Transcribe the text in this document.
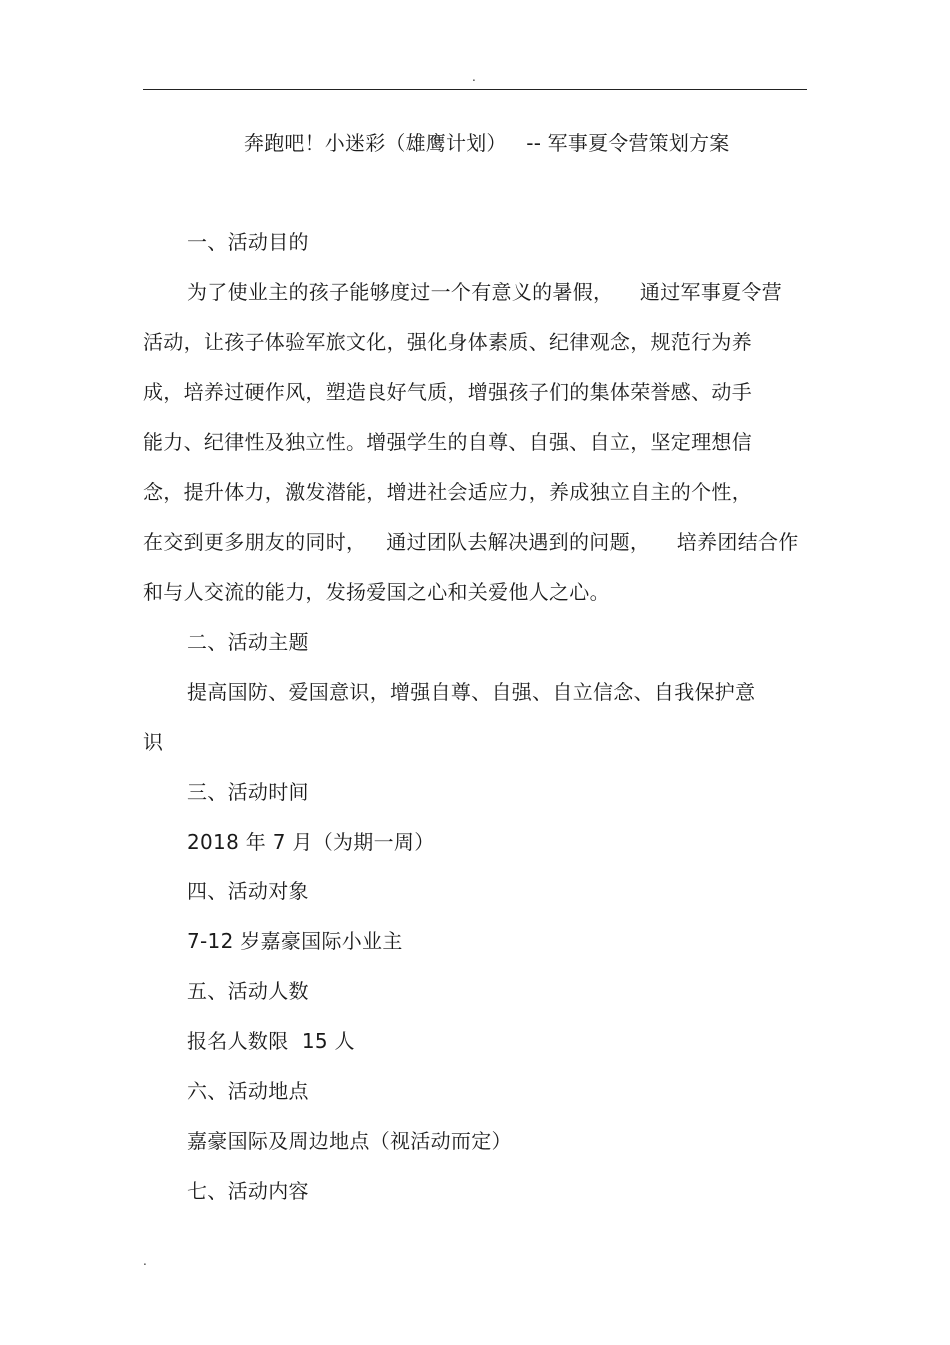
.
奔跑吧！小迷彩（雄鹰计划）   -- 军事夏令营策划方案
一、活动目的
为了使业主的孩子能够度过一个有意义的暑假，    通过军事夏令营
活动，让孩子体验军旅文化，强化身体素质、纪律观念，规范行为养
成，培养过硬作风，塑造良好气质，增强孩子们的集体荣誉感、动手
能力、纪律性及独立性。增强学生的自尊、自强、自立，坚定理想信
念，提升体力，激发潜能，增进社会适应力，养成独立自主的个性，
在交到更多朋友的同时，   通过团队去解决遇到的问题，    培养团结合作
和与人交流的能力，发扬爱国之心和关爱他人之心。
二、活动主题
提高国防、爱国意识，增强自尊、自强、自立信念、自我保护意
识
三、活动时间
2018 年 7 月（为期一周）
四、活动对象
7-12 岁嘉豪国际小业主
五、活动人数
报名人数限  15 人
六、活动地点
嘉豪国际及周边地点（视活动而定）
七、活动内容
.
